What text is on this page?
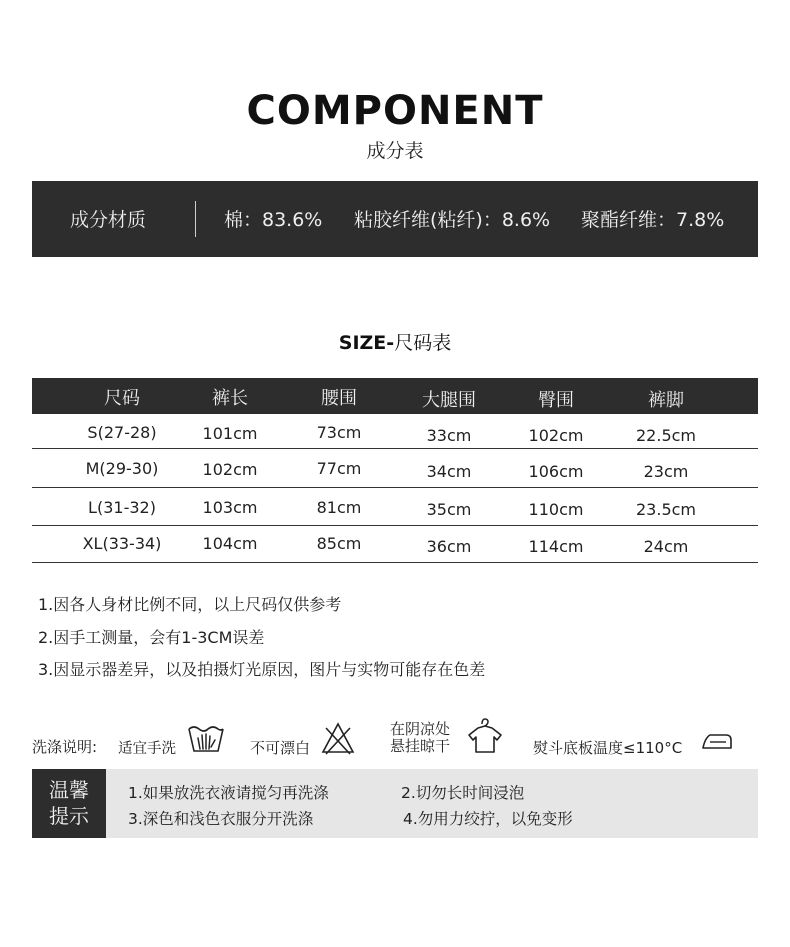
COMPONENT
成分表
成分材质	棉：83.6% 粘胶纤维(粘纤)：8.6% 聚酯纤维：7.8%
SIZE-尺码表
尺码	裤长	腰围	大腿围	臀围	裤脚
S(27-28)	101cm	73cm	33cm	102cm	22.5cm
M(29-30)	102cm	77cm	34cm	106cm	23cm
L(31-32)	103cm	81cm	35cm	110cm	23.5cm
XL(33-34)	104cm	85cm	36cm	114cm	24cm
1.因各人身材比例不同，以上尺码仅供参考
2.因手工测量，会有1-3CM误差
3.因显示器差异，以及拍摄灯光原因，图片与实物可能存在色差
洗涤说明: 适宜手洗	不可漂白
在阴凉处
悬挂晾干	熨斗底板温度≤110°C
温馨
提示
1.如果放洗衣液请搅匀再洗涤	2.切勿长时间浸泡
3.深色和浅色衣服分开洗涤	4.勿用力绞拧，以免变形
